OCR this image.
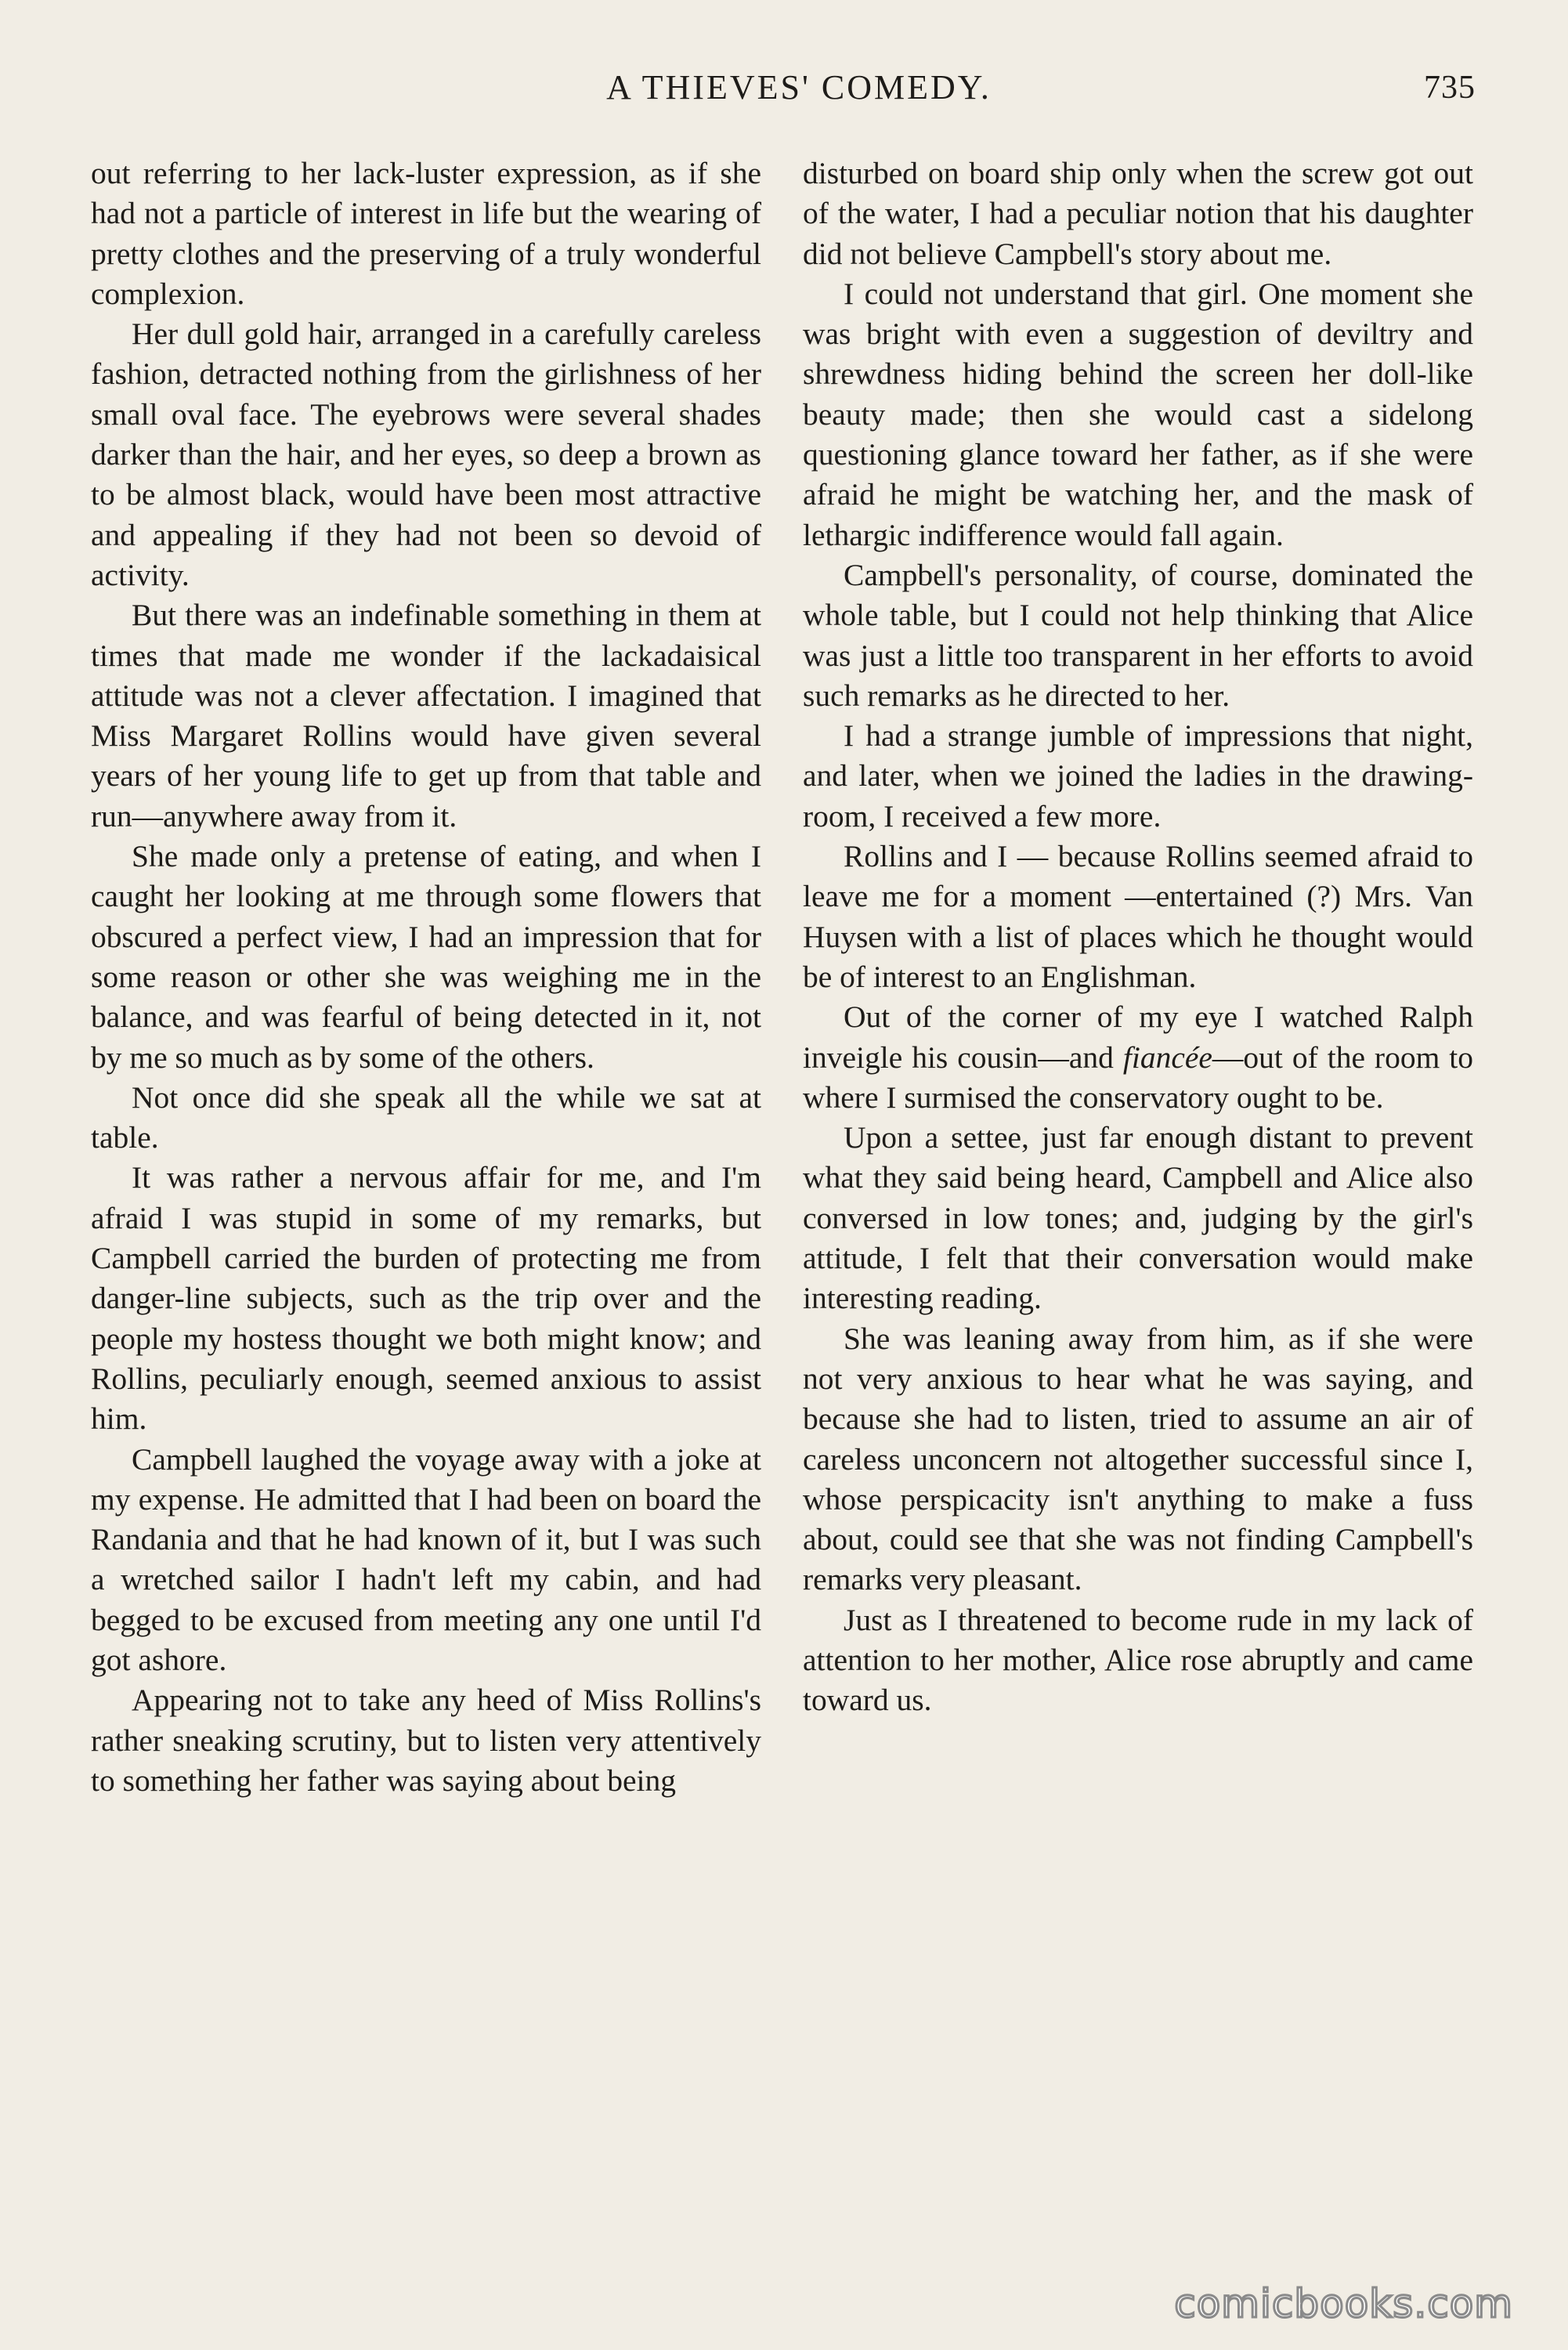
A THIEVES' COMEDY.	735

out referring to her lack-luster expression, as if she had not a particle of interest in life but the wearing of pretty clothes and the preserving of a truly wonderful complexion.

Her dull gold hair, arranged in a carefully careless fashion, detracted nothing from the girlishness of her small oval face. The eyebrows were several shades darker than the hair, and her eyes, so deep a brown as to be almost black, would have been most attractive and appealing if they had not been so devoid of activity.

But there was an indefinable something in them at times that made me wonder if the lackadaisical attitude was not a clever affectation. I imagined that Miss Margaret Rollins would have given several years of her young life to get up from that table and run—anywhere away from it.

She made only a pretense of eating, and when I caught her looking at me through some flowers that obscured a perfect view, I had an impression that for some reason or other she was weighing me in the balance, and was fearful of being detected in it, not by me so much as by some of the others.

Not once did she speak all the while we sat at table.

It was rather a nervous affair for me, and I'm afraid I was stupid in some of my remarks, but Campbell carried the burden of protecting me from danger-line subjects, such as the trip over and the people my hostess thought we both might know; and Rollins, peculiarly enough, seemed anxious to assist him.

Campbell laughed the voyage away with a joke at my expense. He admitted that I had been on board the Randania and that he had known of it, but I was such a wretched sailor I hadn't left my cabin, and had begged to be excused from meeting any one until I'd got ashore.

Appearing not to take any heed of Miss Rollins's rather sneaking scrutiny, but to listen very attentively to something her father was saying about being

disturbed on board ship only when the screw got out of the water, I had a peculiar notion that his daughter did not believe Campbell's story about me.

I could not understand that girl. One moment she was bright with even a suggestion of deviltry and shrewdness hiding behind the screen her doll-like beauty made; then she would cast a sidelong questioning glance toward her father, as if she were afraid he might be watching her, and the mask of lethargic indifference would fall again.

Campbell's personality, of course, dominated the whole table, but I could not help thinking that Alice was just a little too transparent in her efforts to avoid such remarks as he directed to her.

I had a strange jumble of impressions that night, and later, when we joined the ladies in the drawing-room, I received a few more.

Rollins and I — because Rollins seemed afraid to leave me for a moment —entertained (?) Mrs. Van Huysen with a list of places which he thought would be of interest to an Englishman.

Out of the corner of my eye I watched Ralph inveigle his cousin—and fiancée—out of the room to where I surmised the conservatory ought to be.

Upon a settee, just far enough distant to prevent what they said being heard, Campbell and Alice also conversed in low tones; and, judging by the girl's attitude, I felt that their conversation would make interesting reading.

She was leaning away from him, as if she were not very anxious to hear what he was saying, and because she had to listen, tried to assume an air of careless unconcern not altogether successful since I, whose perspicacity isn't anything to make a fuss about, could see that she was not finding Campbell's remarks very pleasant.

Just as I threatened to become rude in my lack of attention to her mother, Alice rose abruptly and came toward us.

comicbooks.com
